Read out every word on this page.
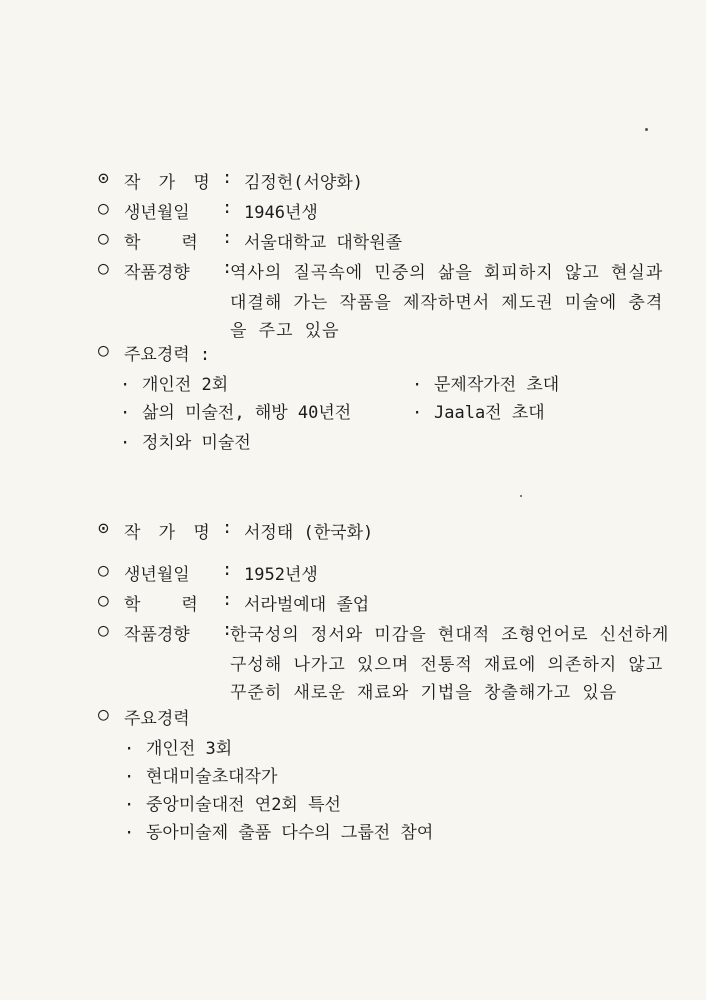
⊙ 작 가 명 : 김정헌(서양화)
○ 생년월일	: 1946년생
○ 학    력	: 서울대학교 대학원졸
○ 작품경향	:
역사의 질곡속에 민중의 삶을 회피하지 않고 현실과
대결해 가는 작품을 제작하면서 제도권 미술에 충격
을 주고 있음
○ 주요경력 :
· 개인전 2회	· 문제작가전 초대
· 삶의 미술전, 해방 40년전	· Jaala전 초대
· 정치와 미술전
⊙ 작 가 명 : 서정태 (한국화)
○ 생년월일	: 1952년생
○ 학    력	: 서라벌예대 졸업
○ 작품경향	:
한국성의 정서와 미감을 현대적 조형언어로 신선하게
구성해 나가고 있으며 전통적 재료에 의존하지 않고
꾸준히 새로운 재료와 기법을 창출해가고 있음
○ 주요경력
· 개인전 3회
· 현대미술초대작가
· 중앙미술대전 연2회 특선
· 동아미술제 출품 다수의 그룹전 참여
